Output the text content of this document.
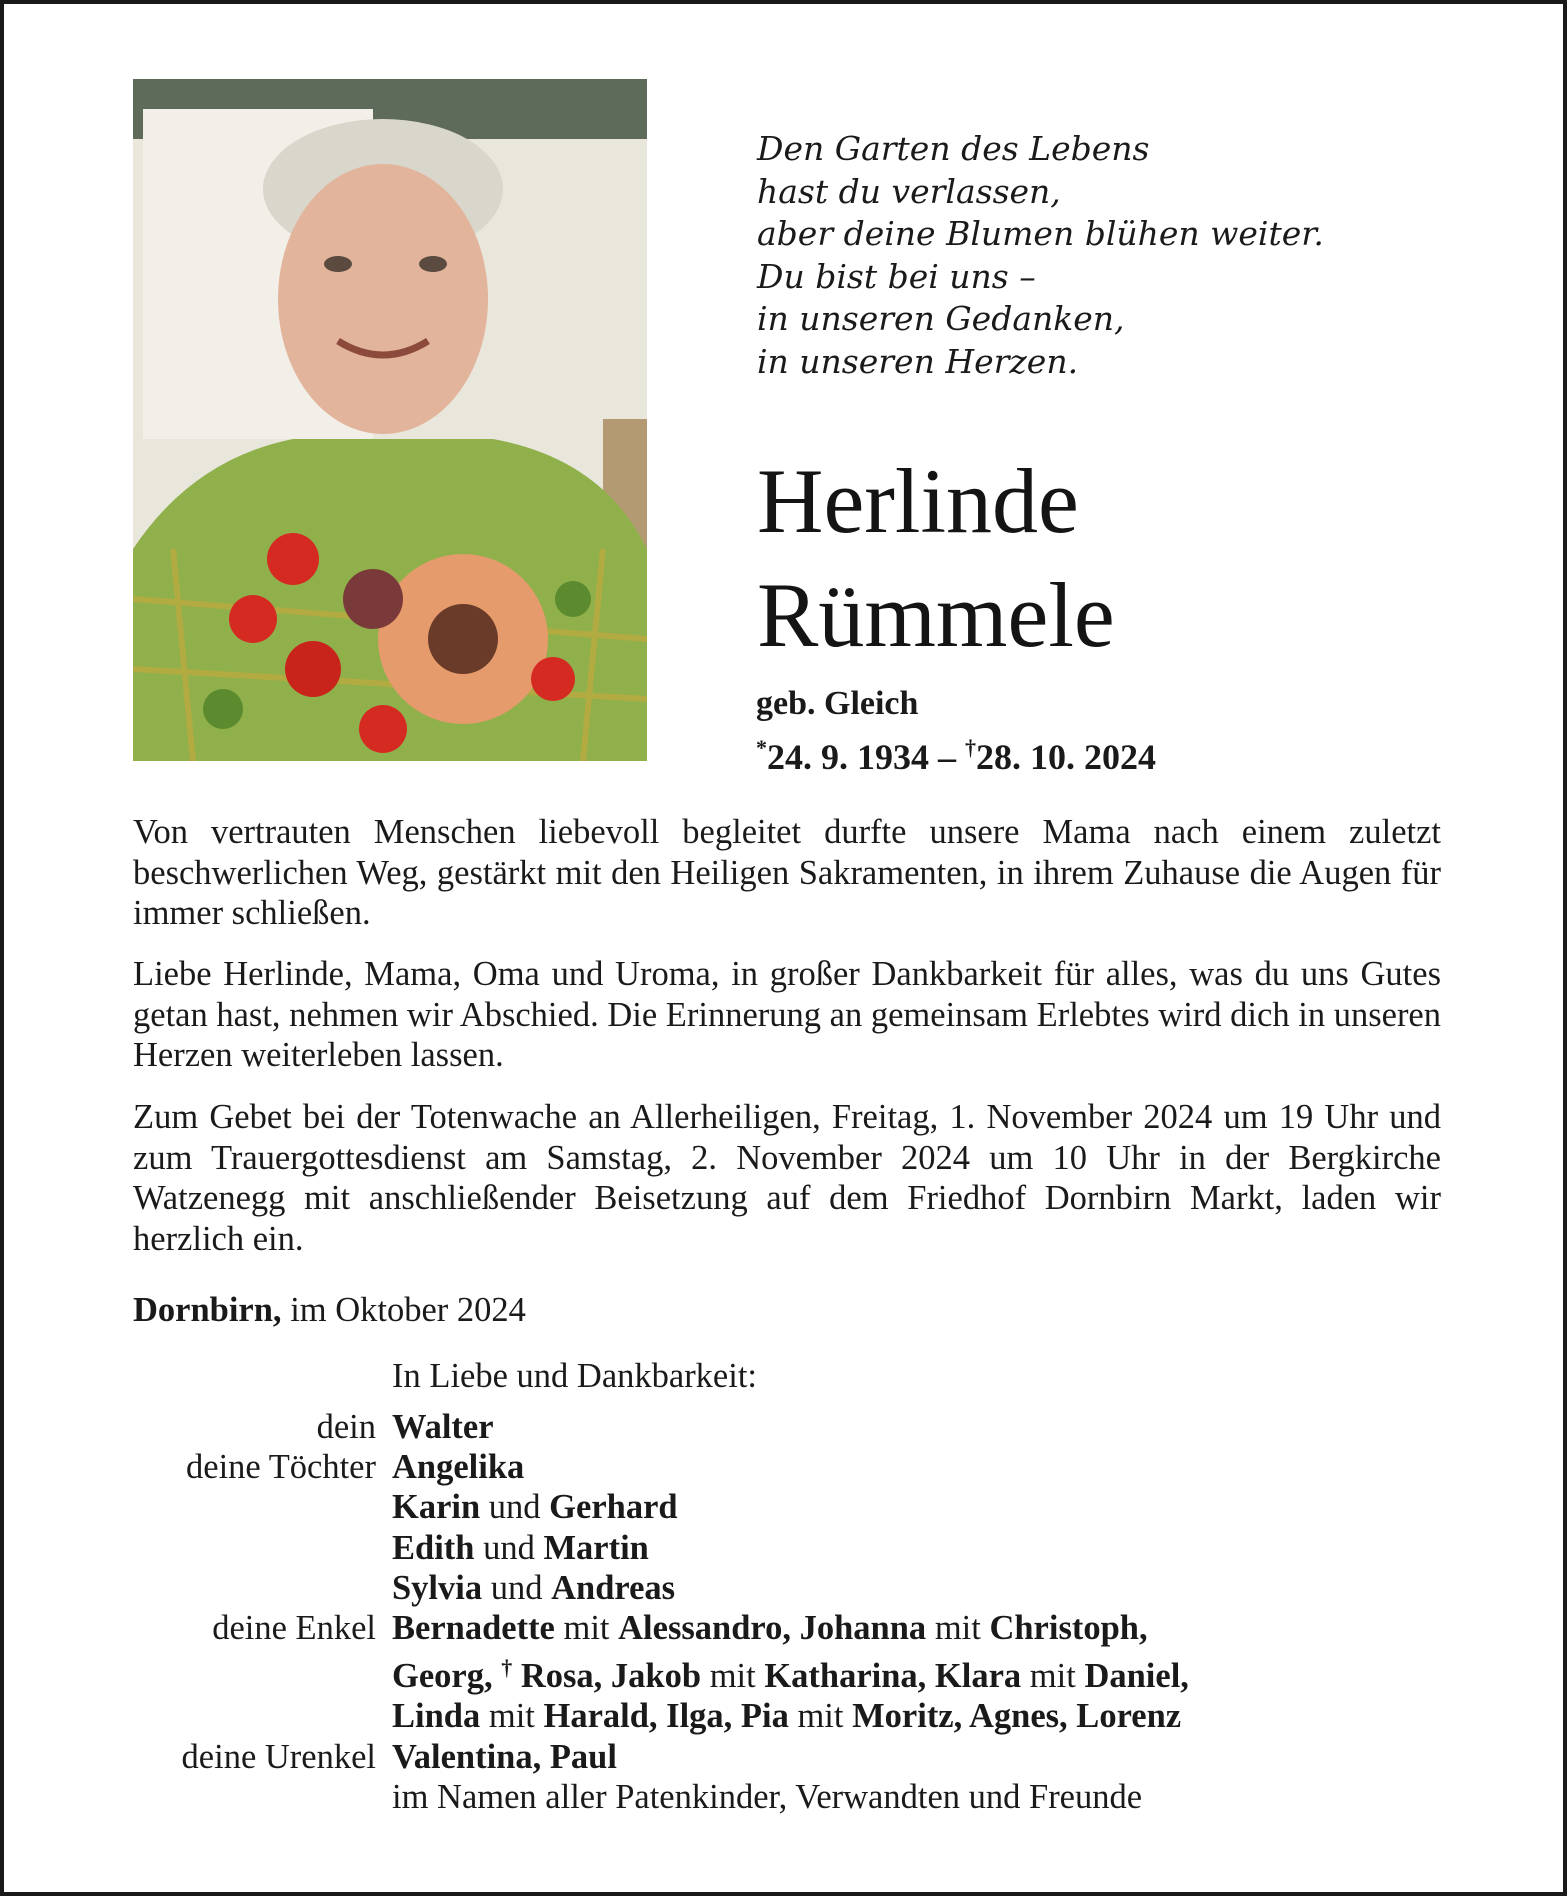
Den Garten des Lebens
hast du verlassen,
aber deine Blumen blühen weiter.
Du bist bei uns –
in unseren Gedanken,
in unseren Herzen.
Herlinde
Rümmele
geb. Gleich
*24. 9. 1934 – †28. 10. 2024
Von vertrauten Menschen liebevoll begleitet durfte unsere Mama nach einem zuletzt beschwerlichen Weg, gestärkt mit den Heiligen Sakramenten, in ihrem Zuhause die Augen für immer schließen.
Liebe Herlinde, Mama, Oma und Uroma, in großer Dankbarkeit für alles, was du uns Gutes getan hast, nehmen wir Abschied. Die Erinnerung an gemeinsam Erlebtes wird dich in unseren Herzen weiterleben lassen.
Zum Gebet bei der Totenwache an Allerheiligen, Freitag, 1. November 2024 um 19 Uhr und zum Trauergottesdienst am Samstag, 2. November 2024 um 10 Uhr in der Bergkirche Watzenegg mit anschließender Beisetzung auf dem Friedhof Dornbirn Markt, laden wir herzlich ein.
Dornbirn, im Oktober 2024
In Liebe und Dankbarkeit:
dein Walter
deine Töchter Angelika
Karin und Gerhard
Edith und Martin
Sylvia und Andreas
deine Enkel Bernadette mit Alessandro, Johanna mit Christoph,
Georg, † Rosa, Jakob mit Katharina, Klara mit Daniel,
Linda mit Harald, Ilga, Pia mit Moritz, Agnes, Lorenz
deine Urenkel Valentina, Paul
im Namen aller Patenkinder, Verwandten und Freunde
